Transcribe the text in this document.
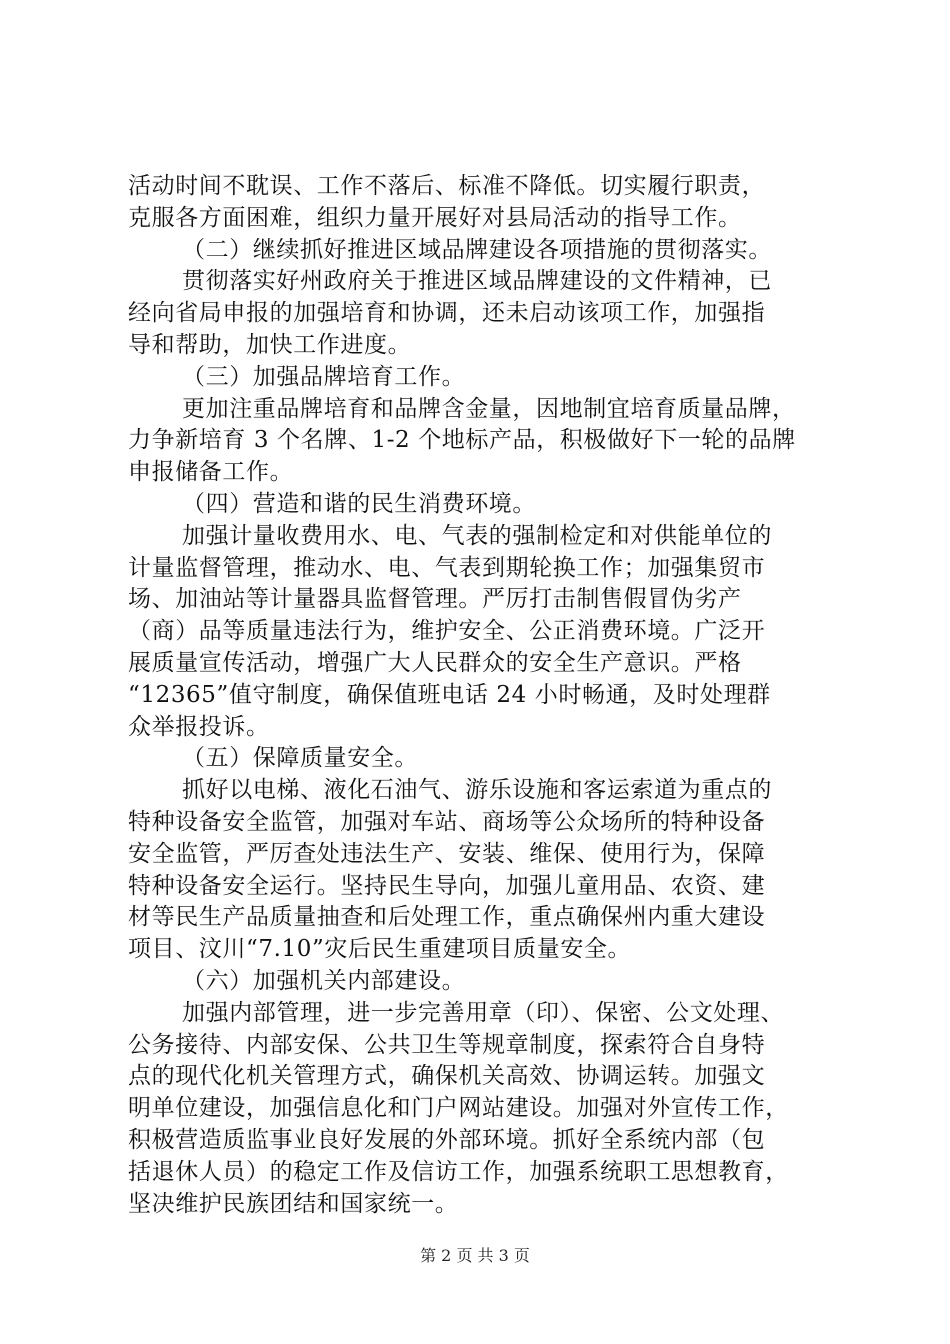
活动时间不耽误、工作不落后、标准不降低。切实履行职责，
克服各方面困难，组织力量开展好对县局活动的指导工作。
（二）继续抓好推进区域品牌建设各项措施的贯彻落实。
贯彻落实好州政府关于推进区域品牌建设的文件精神，已
经向省局申报的加强培育和协调，还未启动该项工作，加强指
导和帮助，加快工作进度。
（三）加强品牌培育工作。
更加注重品牌培育和品牌含金量，因地制宜培育质量品牌，
力争新培育 3 个名牌、1-2 个地标产品，积极做好下一轮的品牌
申报储备工作。
（四）营造和谐的民生消费环境。
加强计量收费用水、电、气表的强制检定和对供能单位的
计量监督管理，推动水、电、气表到期轮换工作；加强集贸市
场、加油站等计量器具监督管理。严厉打击制售假冒伪劣产
（商）品等质量违法行为，维护安全、公正消费环境。广泛开
展质量宣传活动，增强广大人民群众的安全生产意识。严格
“12365”值守制度，确保值班电话 24 小时畅通，及时处理群
众举报投诉。
（五）保障质量安全。
抓好以电梯、液化石油气、游乐设施和客运索道为重点的
特种设备安全监管，加强对车站、商场等公众场所的特种设备
安全监管，严厉查处违法生产、安装、维保、使用行为，保障
特种设备安全运行。坚持民生导向，加强儿童用品、农资、建
材等民生产品质量抽查和后处理工作，重点确保州内重大建设
项目、汶川“7.10”灾后民生重建项目质量安全。
（六）加强机关内部建设。
加强内部管理，进一步完善用章（印）、保密、公文处理、
公务接待、内部安保、公共卫生等规章制度，探索符合自身特
点的现代化机关管理方式，确保机关高效、协调运转。加强文
明单位建设，加强信息化和门户网站建设。加强对外宣传工作，
积极营造质监事业良好发展的外部环境。抓好全系统内部（包
括退休人员）的稳定工作及信访工作，加强系统职工思想教育，
坚决维护民族团结和国家统一。
第 2 页 共 3 页
